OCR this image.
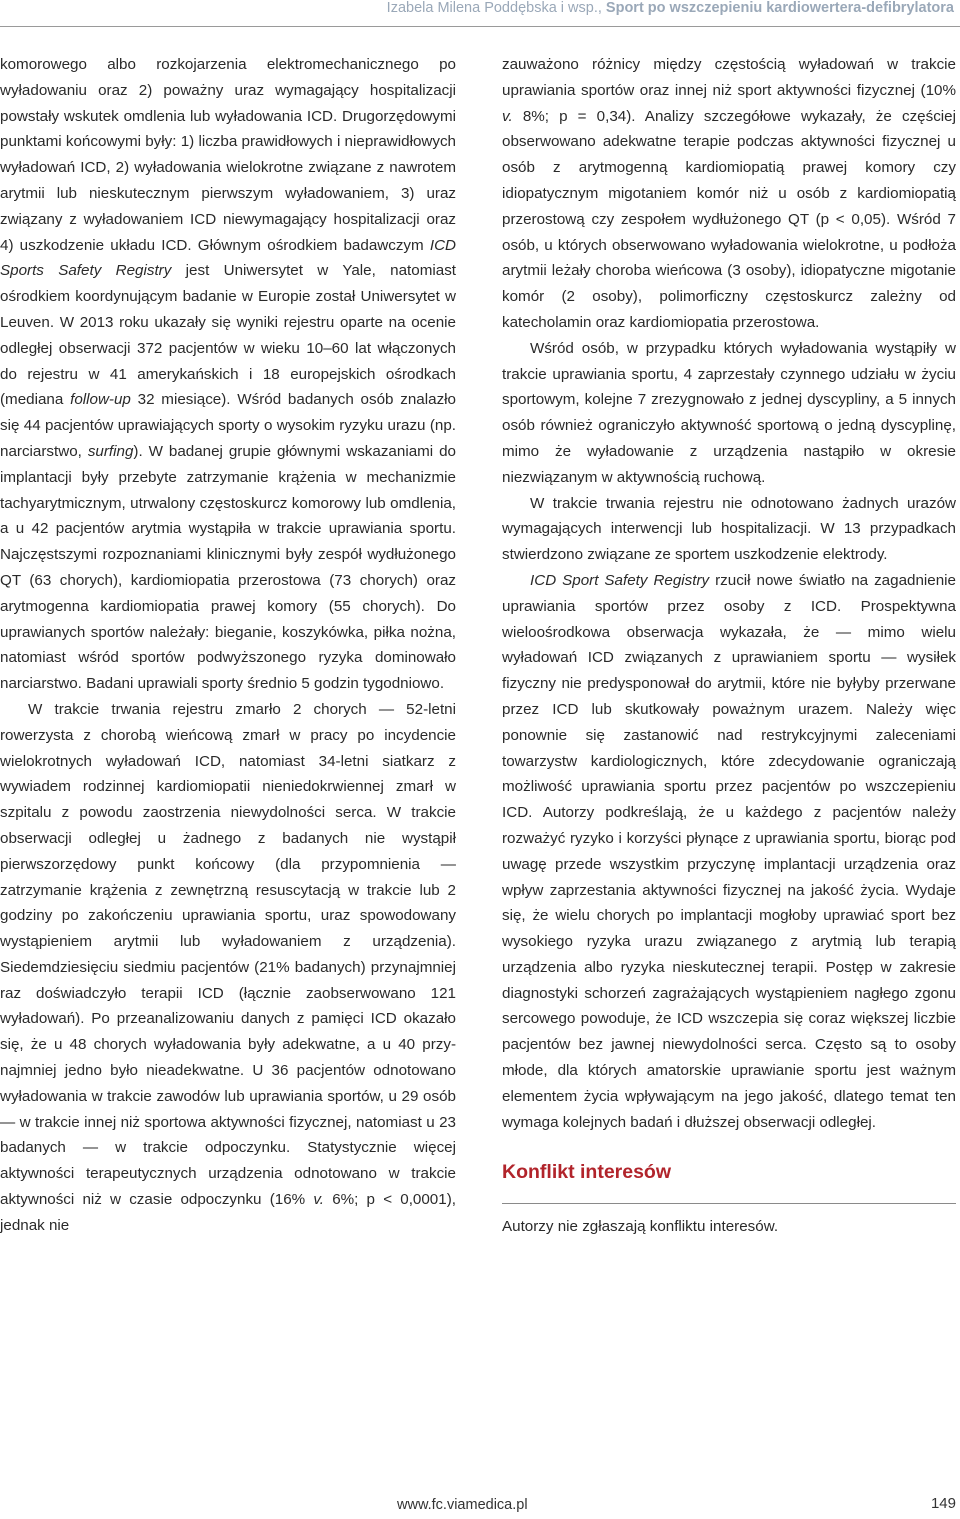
Izabela Milena Poddębska i wsp., Sport po wszczepieniu kardiowertera-defibrylatora

komorowego albo rozkojarzenia elektromechanicznego po wyładowaniu oraz 2) poważny uraz wymagający hospitalizacji powstały wskutek omdlenia lub wyładowania ICD. Drugorzędowymi punktami końcowymi były: 1) liczba prawidłowych i nieprawidłowych wyładowań ICD, 2) wyładowania wielokrotne związane z nawrotem arytmii lub nieskutecznym pierwszym wyładowaniem, 3) uraz związany z wyładowaniem ICD niewymagający hospitalizacji oraz 4) uszkodzenie układu ICD. Głównym ośrodkiem badawczym ICD Sports Safety Registry jest Uniwersytet w Yale, natomiast ośrodkiem koordynującym badanie w Europie został Uniwersytet w Leuven. W 2013 roku ukazały się wyniki rejestru oparte na ocenie odległej obserwacji 372 pacjentów w wieku 10–60 lat włączonych do rejestru w 41 amerykańskich i 18 europejskich ośrodkach (mediana follow-up 32 miesiące). Wśród badanych osób znalazło się 44 pacjentów uprawiających sporty o wysokim ryzyku urazu (np. narciarstwo, surfing). W badanej grupie głównymi wskazaniami do implantacji były przebyte zatrzymanie krążenia w mechanizmie tachyarytmicznym, utrwalony częstoskurcz komorowy lub omdlenia, a u 42 pacjentów arytmia wystąpiła w trakcie uprawiania sportu. Najczęstszymi rozpoznaniami klinicznymi były zespół wydłużonego QT (63 chorych), kardiomiopatia przerostowa (73 chorych) oraz arytmogenna kardiomiopatia prawej komory (55 chorych). Do uprawianych sportów należały: bieganie, koszykówka, piłka nożna, natomiast wśród sportów podwyższonego ryzyka dominowało narciarstwo. Badani uprawiali sporty średnio 5 godzin tygodniowo.

W trakcie trwania rejestru zmarło 2 chorych — 52-letni rowerzysta z chorobą wieńcową zmarł w pracy po incydencie wielokrotnych wyładowań ICD, natomiast 34-letni siatkarz z wywiadem rodzinnej kardiomiopatii nieniedokrwiennej zmarł w szpitalu z powodu zaostrzenia niewydolności serca. W trakcie obserwacji odległej u żadnego z badanych nie wystąpił pierwszorzędowy punkt końcowy (dla przypomnienia — zatrzymanie krążenia z zewnętrzną resuscytacją w trakcie lub 2 godziny po zakończeniu uprawiania sportu, uraz spowodowany wystąpieniem arytmii lub wyładowaniem z urządzenia). Siedemdziesięciu siedmiu pacjentów (21% badanych) przynajmniej raz doświadczyło terapii ICD (łącznie zaobserwowano 121 wyładowań). Po przeanalizowaniu danych z pamięci ICD okazało się, że u 48 chorych wyładowania były adekwatne, a u 40 przynajmniej jedno było nieadekwatne. U 36 pacjentów odnotowano wyładowania w trakcie zawodów lub uprawiania sportów, u 29 osób — w trakcie innej niż sportowa aktywności fizycznej, natomiast u 23 badanych — w trakcie odpoczynku. Statystycznie więcej aktywności terapeutycznych urządzenia odnotowano w trakcie aktywności niż w czasie odpoczynku (16% v. 6%; p < 0,0001), jednak nie

zauważono różnicy między częstością wyładowań w trakcie uprawiania sportów oraz innej niż sport aktywności fizycznej (10% v. 8%; p = 0,34). Analizy szczegółowe wykazały, że częściej obserwowano adekwatne terapie podczas aktywności fizycznej u osób z arytmogenną kardiomiopatią prawej komory czy idiopatycznym migotaniem komór niż u osób z kardiomiopatią przerostową czy zespołem wydłużonego QT (p < 0,05). Wśród 7 osób, u których obserwowano wyładowania wielokrotne, u podłoża arytmii leżały choroba wieńcowa (3 osoby), idiopatyczne migotanie komór (2 osoby), polimorficzny częstoskurcz zależny od katecholamin oraz kardiomiopatia przerostowa.

Wśród osób, w przypadku których wyładowania wystąpiły w trakcie uprawiania sportu, 4 zaprzestały czynnego udziału w życiu sportowym, kolejne 7 zrezygnowało z jednej dyscypliny, a 5 innych osób również ograniczyło aktywność sportową o jedną dyscyplinę, mimo że wyładowanie z urządzenia nastąpiło w okresie niezwiązanym w aktywnością ruchową.

W trakcie trwania rejestru nie odnotowano żadnych urazów wymagających interwencji lub hospitalizacji. W 13 przypadkach stwierdzono związane ze sportem uszkodzenie elektrody.

ICD Sport Safety Registry rzucił nowe światło na zagadnienie uprawiania sportów przez osoby z ICD. Prospektywna wieloośrodkowa obserwacja wykazała, że — mimo wielu wyładowań ICD związanych z uprawianiem sportu — wysiłek fizyczny nie predysponował do arytmii, które nie byłyby przerwane przez ICD lub skutkowały poważnym urazem. Należy więc ponownie się zastanowić nad restrykcyjnymi zaleceniami towarzystw kardiologicznych, które zdecydowanie ograniczają możliwość uprawiania sportu przez pacjentów po wszczepieniu ICD. Autorzy podkreślają, że u każdego z pacjentów należy rozważyć ryzyko i korzyści płynące z uprawiania sportu, biorąc pod uwagę przede wszystkim przyczynę implantacji urządzenia oraz wpływ zaprzestania aktywności fizycznej na jakość życia. Wydaje się, że wielu chorych po implantacji mogłoby uprawiać sport bez wysokiego ryzyka urazu związanego z arytmią lub terapią urządzenia albo ryzyka nieskutecznej terapii. Postęp w zakresie diagnostyki schorzeń zagrażających wystąpieniem nagłego zgonu sercowego powoduje, że ICD wszczepia się coraz większej liczbie pacjentów bez jawnej niewydolności serca. Często są to osoby młode, dla których amatorskie uprawianie sportu jest ważnym elementem życia wpływającym na jego jakość, dlatego temat ten wymaga kolejnych badań i dłuższej obserwacji odległej.

Konflikt interesów

Autorzy nie zgłaszają konfliktu interesów.

www.fc.viamedica.pl	149
